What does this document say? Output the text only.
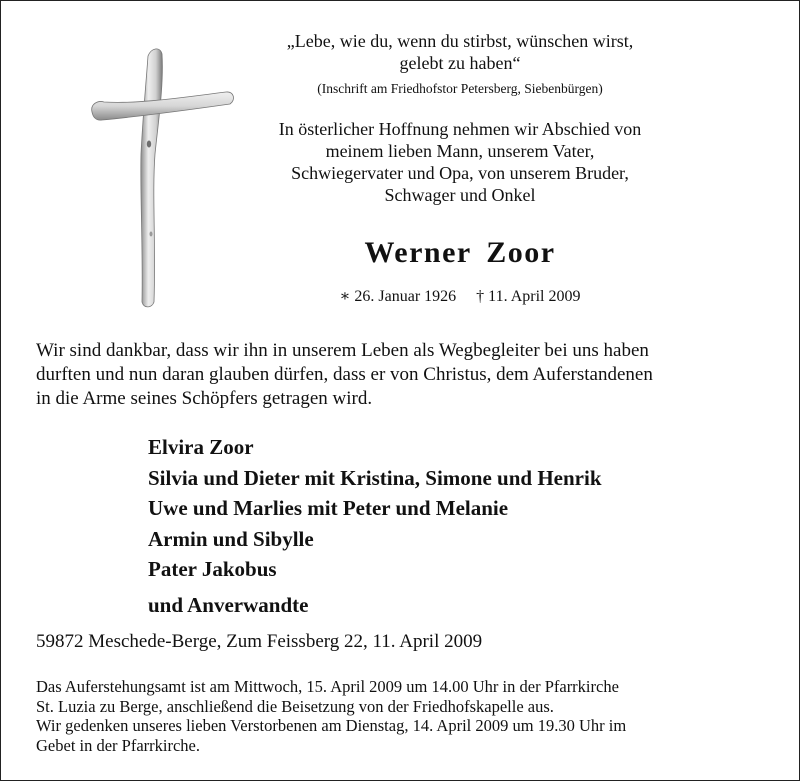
„Lebe, wie du, wenn du stirbst, wünschen wirst,
gelebt zu haben“
(Inschrift am Friedhofstor Petersberg, Siebenbürgen)
In österlicher Hoffnung nehmen wir Abschied von
meinem lieben Mann, unserem Vater,
Schwiegervater und Opa, von unserem Bruder,
Schwager und Onkel
Werner Zoor
∗ 26. Januar 1926 † 11. April 2009
Wir sind dankbar, dass wir ihn in unserem Leben als Wegbegleiter bei uns haben
durften und nun daran glauben dürfen, dass er von Christus, dem Auferstandenen
in die Arme seines Schöpfers getragen wird.
Elvira Zoor
Silvia und Dieter mit Kristina, Simone und Henrik
Uwe und Marlies mit Peter und Melanie
Armin und Sibylle
Pater Jakobus
und Anverwandte
59872 Meschede-Berge, Zum Feissberg 22, 11. April 2009

Das Auferstehungsamt ist am Mittwoch, 15. April 2009 um 14.00 Uhr in der Pfarrkirche
St. Luzia zu Berge, anschließend die Beisetzung von der Friedhofskapelle aus.

Wir gedenken unseres lieben Verstorbenen am Dienstag, 14. April 2009 um 19.30 Uhr im
Gebet in der Pfarrkirche.
